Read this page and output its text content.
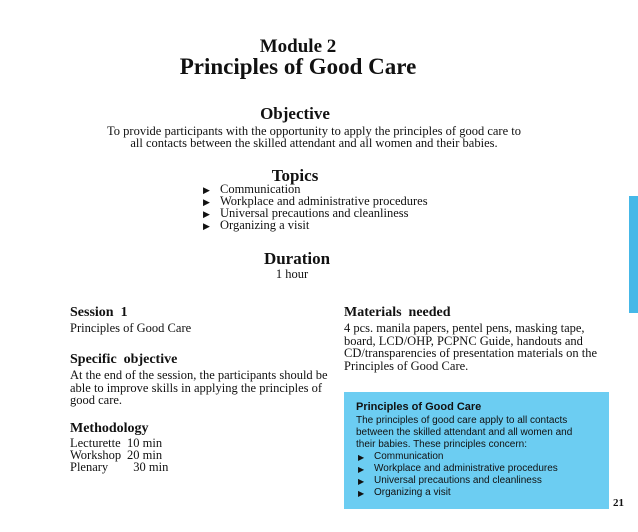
Module 2
Principles of Good Care
Objective
To provide participants with the opportunity to apply the principles of good care to
all contacts between the skilled attendant and all women and their babies.
Topics
▶ Communication
▶ Workplace and administrative procedures
▶ Universal precautions and cleanliness
▶ Organizing a visit
Duration
1 hour
Session  1
Principles of Good Care
Specific  objective
At the end of the session, the participants should be
able to improve skills in applying the principles of
good care.
Methodology
Lecturette 10 min
Workshop 20 min
Plenary	30 min
Materials  needed
4 pcs. manila papers, pentel pens, masking tape,
board, LCD/OHP, PCPNC Guide, handouts and
CD/transparencies of presentation materials on the
Principles of Good Care.
Principles of Good Care
The principles of good care apply to all contacts
between the skilled attendant and all women and
their babies. These principles concern:
▶ Communication
▶ Workplace and administrative procedures
▶ Universal precautions and cleanliness
▶ Organizing a visit
21
